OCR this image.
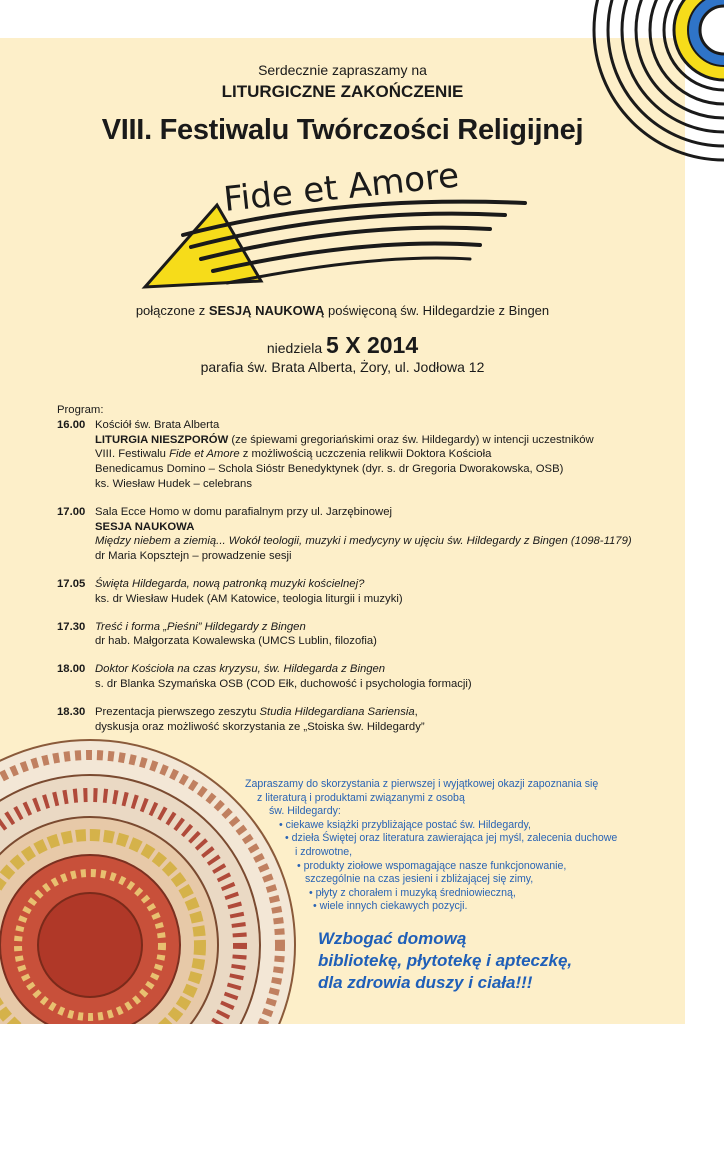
Serdecznie zapraszamy na
LITURGICZNE ZAKOŃCZENIE
VIII. Festiwalu Twórczości Religijnej
Fide et Amore
połączone z SESJĄ NAUKOWĄ poświęconą św. Hildegardzie z Bingen
niedziela 5 X 2014
parafia św. Brata Alberta, Żory, ul. Jodłowa 12
Program:
16.00 Kościół św. Brata Alberta
LITURGIA NIESZPORÓW (ze śpiewami gregoriańskimi oraz św. Hildegardy) w intencji uczestników
VIII. Festiwalu Fide et Amore z możliwością uczczenia relikwii Doktora Kościoła
Benedicamus Domino – Schola Sióstr Benedyktynek (dyr. s. dr Gregoria Dworakowska, OSB)
ks. Wiesław Hudek – celebrans
17.00 Sala Ecce Homo w domu parafialnym przy ul. Jarzębinowej
SESJA NAUKOWA
Między niebem a ziemią... Wokół teologii, muzyki i medycyny w ujęciu św. Hildegardy z Bingen (1098-1179)
dr Maria Kopsztejn – prowadzenie sesji
17.05 Święta Hildegarda, nową patronką muzyki kościelnej?
ks. dr Wiesław Hudek (AM Katowice, teologia liturgii i muzyki)
17.30 Treść i forma „Pieśni” Hildegardy z Bingen
dr hab. Małgorzata Kowalewska (UMCS Lublin, filozofia)
18.00 Doktor Kościoła na czas kryzysu, św. Hildegarda z Bingen
s. dr Blanka Szymańska OSB (COD Ełk, duchowość i psychologia formacji)
18.30 Prezentacja pierwszego zeszytu Studia Hildegardiana Sariensia,
dyskusja oraz możliwość skorzystania ze „Stoiska św. Hildegardy”
Zapraszamy do skorzystania z pierwszej i wyjątkowej okazji zapoznania się
z literaturą i produktami związanymi z osobą
św. Hildegardy:
• ciekawe książki przybliżające postać św. Hildegardy,
• dzieła Świętej oraz literatura zawierająca jej myśl, zalecenia duchowe
i zdrowotne,
• produkty ziołowe wspomagające nasze funkcjonowanie,
szczególnie na czas jesieni i zbliżającej się zimy,
• płyty z chorałem i muzyką średniowieczną,
• wiele innych ciekawych pozycji.
Wzbogać domową
bibliotekę, płytotekę i apteczkę,
dla zdrowia duszy i ciała!!!
